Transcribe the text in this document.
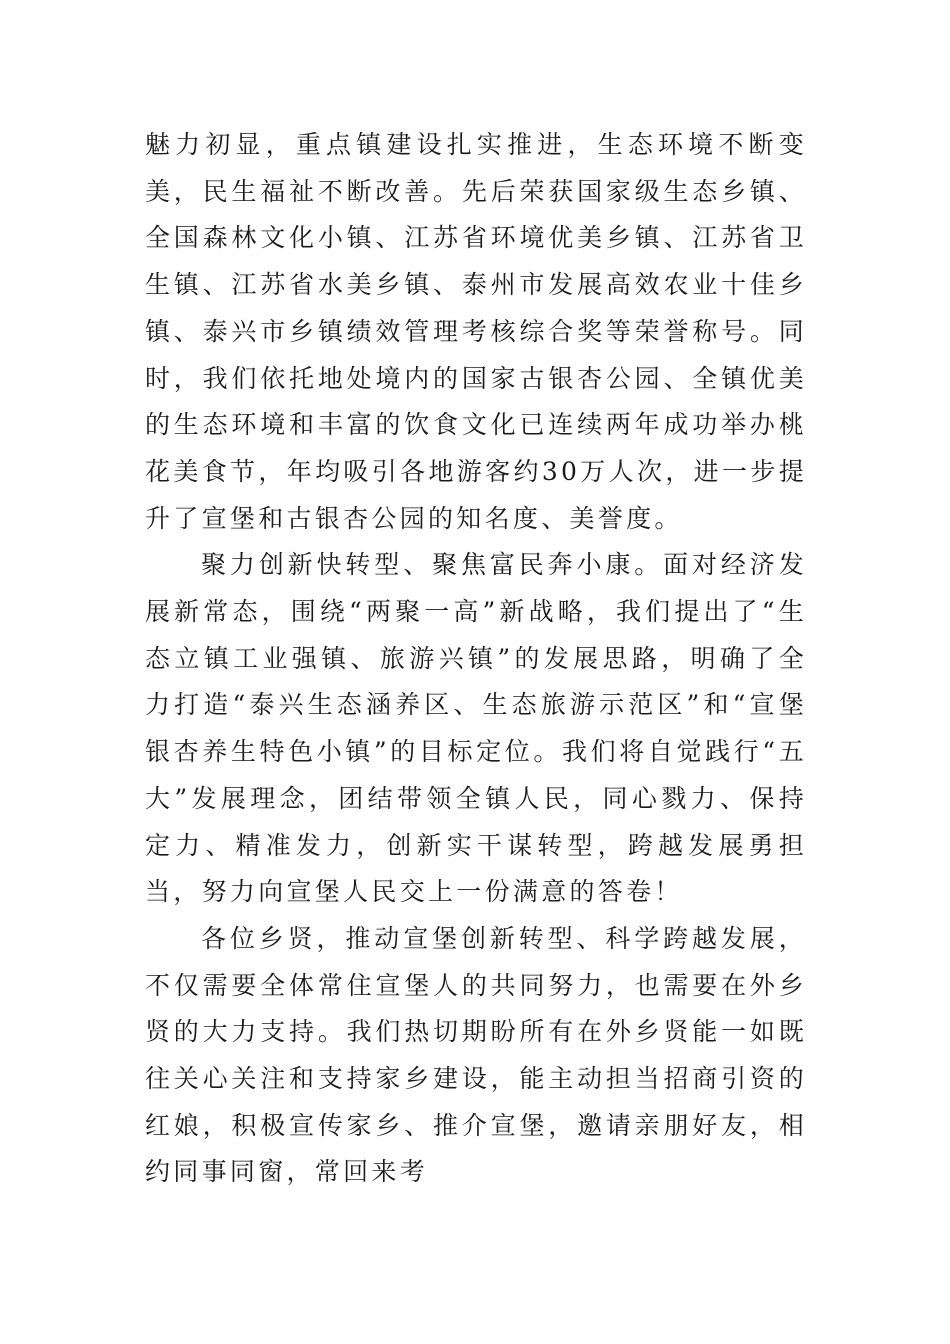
魅力初显，重点镇建设扎实推进，生态环境不断变美，民生福祉不断改善。先后荣获国家级生态乡镇、全国森林文化小镇、江苏省环境优美乡镇、江苏省卫生镇、江苏省水美乡镇、泰州市发展高效农业十佳乡镇、泰兴市乡镇绩效管理考核综合奖等荣誉称号。同时，我们依托地处境内的国家古银杏公园、全镇优美的生态环境和丰富的饮食文化已连续两年成功举办桃花美食节，年均吸引各地游客约30万人次，进一步提升了宣堡和古银杏公园的知名度、美誉度。

聚力创新快转型、聚焦富民奔小康。面对经济发展新常态，围绕“两聚一高”新战略，我们提出了“生态立镇工业强镇、旅游兴镇”的发展思路，明确了全力打造“泰兴生态涵养区、生态旅游示范区”和“宣堡银杏养生特色小镇”的目标定位。我们将自觉践行“五大”发展理念，团结带领全镇人民，同心戮力、保持定力、精准发力，创新实干谋转型，跨越发展勇担当，努力向宣堡人民交上一份满意的答卷！

各位乡贤，推动宣堡创新转型、科学跨越发展，不仅需要全体常住宣堡人的共同努力，也需要在外乡贤的大力支持。我们热切期盼所有在外乡贤能一如既往关心关注和支持家乡建设，能主动担当招商引资的红娘，积极宣传家乡、推介宣堡，邀请亲朋好友，相约同事同窗，常回来考
